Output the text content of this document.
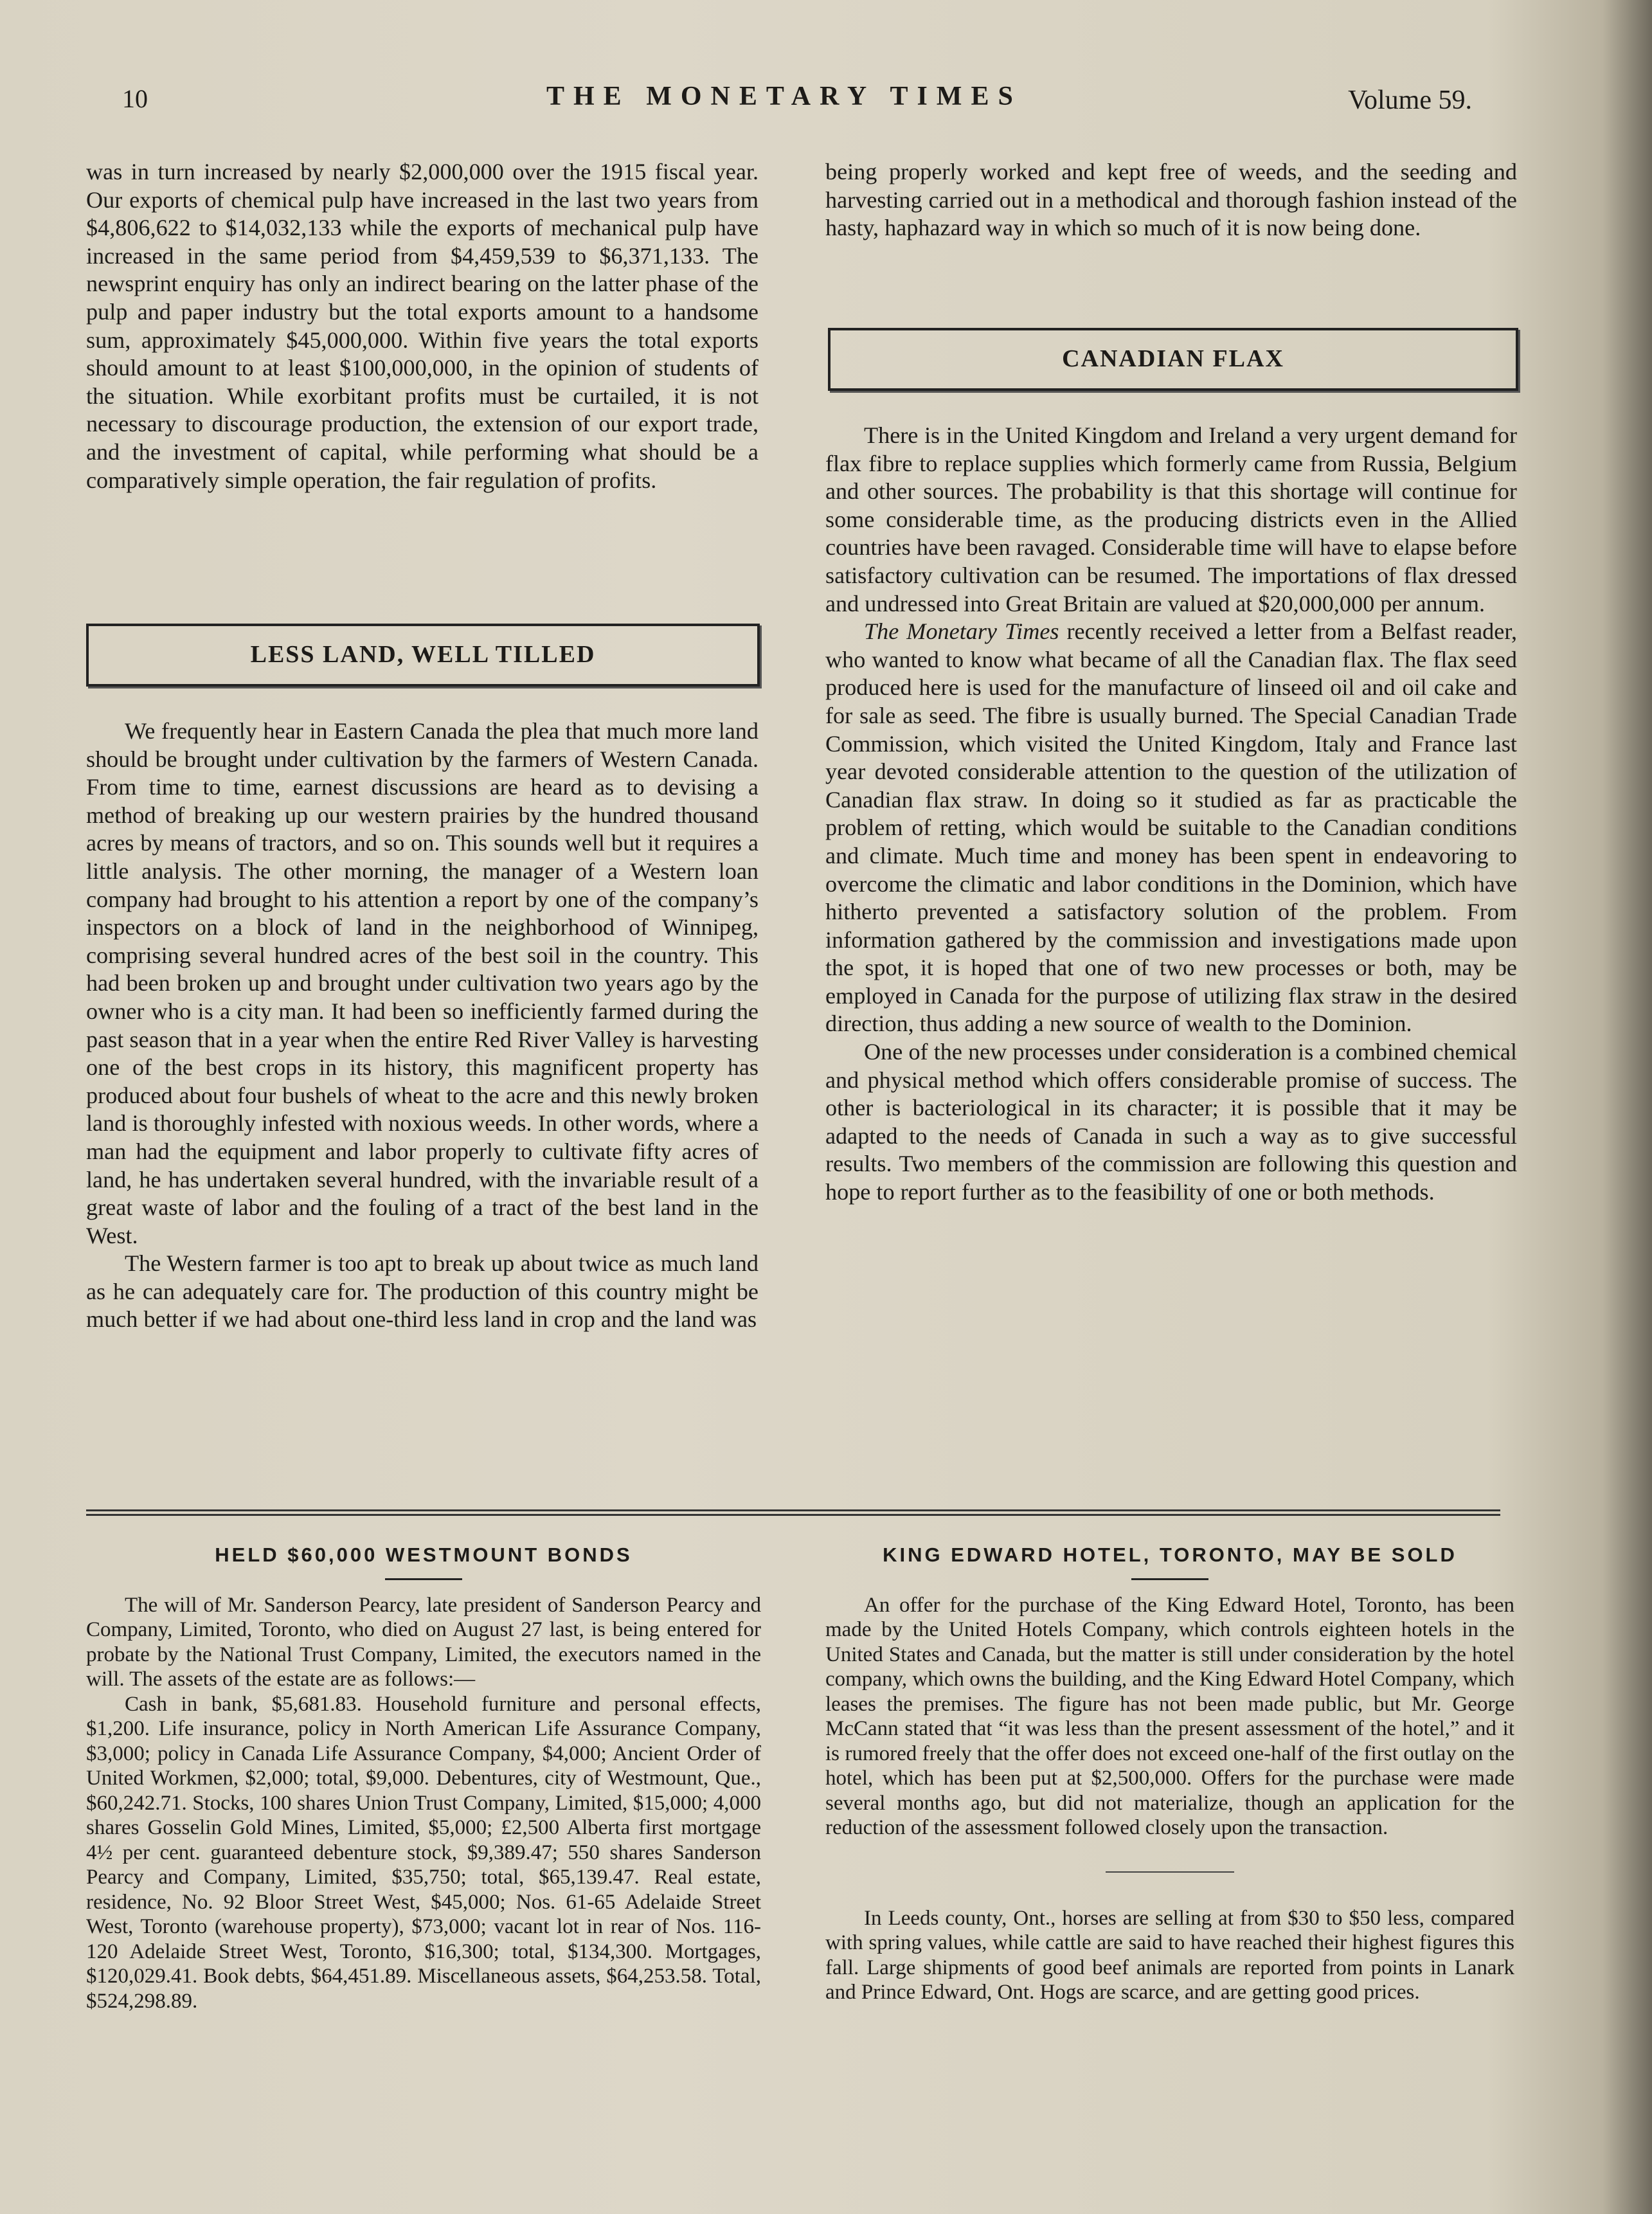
10	THE MONETARY TIMES	Volume 59.

was in turn increased by nearly $2,000,000 over the 1915 fiscal year. Our exports of chemical pulp have increased in the last two years from $4,806,622 to $14,032,133 while the exports of mechanical pulp have increased in the same period from $4,459,539 to $6,371,133. The newsprint enquiry has only an indirect bearing on the latter phase of the pulp and paper industry but the total exports amount to a handsome sum, approximately $45,000,000. Within five years the total exports should amount to at least $100,000,000, in the opinion of students of the situation. While exorbitant profits must be curtailed, it is not necessary to discourage production, the extension of our export trade, and the investment of capital, while performing what should be a comparatively simple operation, the fair regulation of profits.

LESS LAND, WELL TILLED

We frequently hear in Eastern Canada the plea that much more land should be brought under cultivation by the farmers of Western Canada. From time to time, earnest discussions are heard as to devising a method of breaking up our western prairies by the hundred thousand acres by means of tractors, and so on. This sounds well but it requires a little analysis. The other morning, the manager of a Western loan company had brought to his attention a report by one of the company’s inspectors on a block of land in the neighborhood of Winnipeg, comprising several hundred acres of the best soil in the country. This had been broken up and brought under cultivation two years ago by the owner who is a city man. It had been so inefficiently farmed during the past season that in a year when the entire Red River Valley is harvesting one of the best crops in its history, this magnificent property has produced about four bushels of wheat to the acre and this newly broken land is thoroughly infested with noxious weeds. In other words, where a man had the equipment and labor properly to cultivate fifty acres of land, he has undertaken several hundred, with the invariable result of a great waste of labor and the fouling of a tract of the best land in the West.

The Western farmer is too apt to break up about twice as much land as he can adequately care for. The production of this country might be much better if we had about one-third less land in crop and the land was

being properly worked and kept free of weeds, and the seeding and harvesting carried out in a methodical and thorough fashion instead of the hasty, haphazard way in which so much of it is now being done.

CANADIAN FLAX

There is in the United Kingdom and Ireland a very urgent demand for flax fibre to replace supplies which formerly came from Russia, Belgium and other sources. The probability is that this shortage will continue for some considerable time, as the producing districts even in the Allied countries have been ravaged. Considerable time will have to elapse before satisfactory cultivation can be resumed. The importations of flax dressed and undressed into Great Britain are valued at $20,000,000 per annum.

The Monetary Times recently received a letter from a Belfast reader, who wanted to know what became of all the Canadian flax. The flax seed produced here is used for the manufacture of linseed oil and oil cake and for sale as seed. The fibre is usually burned. The Special Canadian Trade Commission, which visited the United Kingdom, Italy and France last year devoted considerable attention to the question of the utilization of Canadian flax straw. In doing so it studied as far as practicable the problem of retting, which would be suitable to the Canadian conditions and climate. Much time and money has been spent in endeavoring to overcome the climatic and labor conditions in the Dominion, which have hitherto prevented a satisfactory solution of the problem. From information gathered by the commission and investigations made upon the spot, it is hoped that one of two new processes or both, may be employed in Canada for the purpose of utilizing flax straw in the desired direction, thus adding a new source of wealth to the Dominion.

One of the new processes under consideration is a combined chemical and physical method which offers considerable promise of success. The other is bacteriological in its character; it is possible that it may be adapted to the needs of Canada in such a way as to give successful results. Two members of the commission are following this question and hope to report further as to the feasibility of one or both methods.

HELD $60,000 WESTMOUNT BONDS

The will of Mr. Sanderson Pearcy, late president of Sanderson Pearcy and Company, Limited, Toronto, who died on August 27 last, is being entered for probate by the National Trust Company, Limited, the executors named in the will. The assets of the estate are as follows:—

Cash in bank, $5,681.83. Household furniture and personal effects, $1,200. Life insurance, policy in North American Life Assurance Company, $3,000; policy in Canada Life Assurance Company, $4,000; Ancient Order of United Workmen, $2,000; total, $9,000. Debentures, city of Westmount, Que., $60,242.71. Stocks, 100 shares Union Trust Company, Limited, $15,000; 4,000 shares Gosselin Gold Mines, Limited, $5,000; £2,500 Alberta first mortgage 4½ per cent. guaranteed debenture stock, $9,389.47; 550 shares Sanderson Pearcy and Company, Limited, $35,750; total, $65,139.47. Real estate, residence, No. 92 Bloor Street West, $45,000; Nos. 61-65 Adelaide Street West, Toronto (warehouse property), $73,000; vacant lot in rear of Nos. 116-120 Adelaide Street West, Toronto, $16,300; total, $134,300. Mortgages, $120,029.41. Book debts, $64,451.89. Miscellaneous assets, $64,253.58. Total, $524,298.89.

KING EDWARD HOTEL, TORONTO, MAY BE SOLD

An offer for the purchase of the King Edward Hotel, Toronto, has been made by the United Hotels Company, which controls eighteen hotels in the United States and Canada, but the matter is still under consideration by the hotel company, which owns the building, and the King Edward Hotel Company, which leases the premises. The figure has not been made public, but Mr. George McCann stated that “it was less than the present assessment of the hotel,” and it is rumored freely that the offer does not exceed one-half of the first outlay on the hotel, which has been put at $2,500,000. Offers for the purchase were made several months ago, but did not materialize, though an application for the reduction of the assessment followed closely upon the transaction.

In Leeds county, Ont., horses are selling at from $30 to $50 less, compared with spring values, while cattle are said to have reached their highest figures this fall. Large shipments of good beef animals are reported from points in Lanark and Prince Edward, Ont. Hogs are scarce, and are getting good prices.
